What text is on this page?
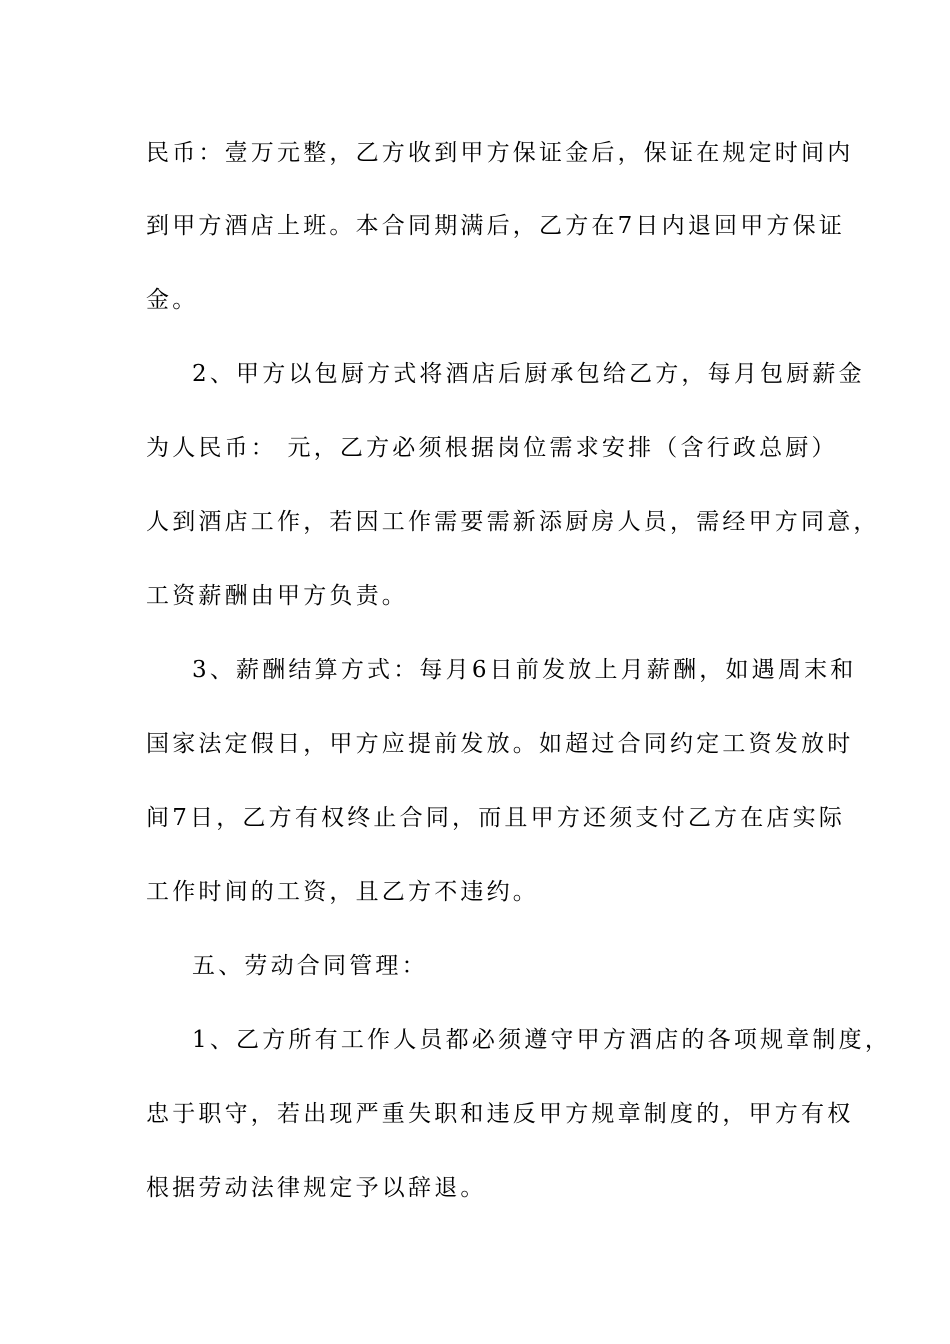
民币：壹万元整，乙方收到甲方保证金后，保证在规定时间内
到甲方酒店上班。本合同期满后，乙方在7日内退回甲方保证
金。
2、甲方以包厨方式将酒店后厨承包给乙方，每月包厨薪金
为人民币： 元，乙方必须根据岗位需求安排（含行政总厨）
人到酒店工作，若因工作需要需新添厨房人员，需经甲方同意，
工资薪酬由甲方负责。
3、薪酬结算方式：每月6日前发放上月薪酬，如遇周末和
国家法定假日，甲方应提前发放。如超过合同约定工资发放时
间7日，乙方有权终止合同，而且甲方还须支付乙方在店实际
工作时间的工资，且乙方不违约。
五、劳动合同管理：
1、乙方所有工作人员都必须遵守甲方酒店的各项规章制度，
忠于职守，若出现严重失职和违反甲方规章制度的，甲方有权
根据劳动法律规定予以辞退。
